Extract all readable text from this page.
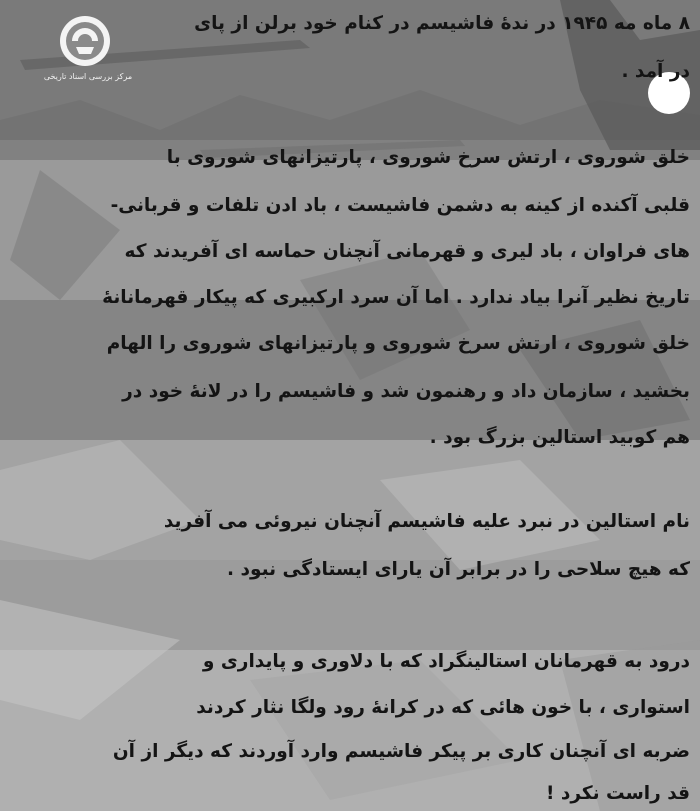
مرکز بررسی اسناد تاریخی
۸ ماه مه ۱۹۴۵ در ندهٔ فاشیسم در کنام خود برلن از پای
در آمد .
خلق شوروی ، ارتش سرخ شوروی ، پارتیزانهای شوروی با
قلبی آکنده از کینه به دشمن فاشیست ، باد ادن تلفات و قربانی-
های فراوان ، باد لیری و قهرمانی آنچنان حماسه ای آفریدند که
تاریخ نظیر آنرا بیاد ندارد . اما آن سرد ارکبیری که پیکار قهرمانانهٔ
خلق شوروی ، ارتش سرخ شوروی و پارتیزانهای شوروی را الهام
بخشید ، سازمان داد و رهنمون شد و فاشیسم را در لانهٔ خود در
هم کوبید استالین بزرگ بود .
نام استالین در نبرد علیه فاشیسم آنچنان نیروئی می آفرید
که هیچ سلاحی را در برابر آن یارای ایستادگی نبود .
درود به قهرمانان استالینگراد که با دلاوری و پایداری و
استواری ، با خون هائی که در کرانهٔ رود ولگا نثار کردند
ضربه ای آنچنان کاری بر پیکر فاشیسم وارد آوردند که دیگر از آن
قد راست نکرد !
